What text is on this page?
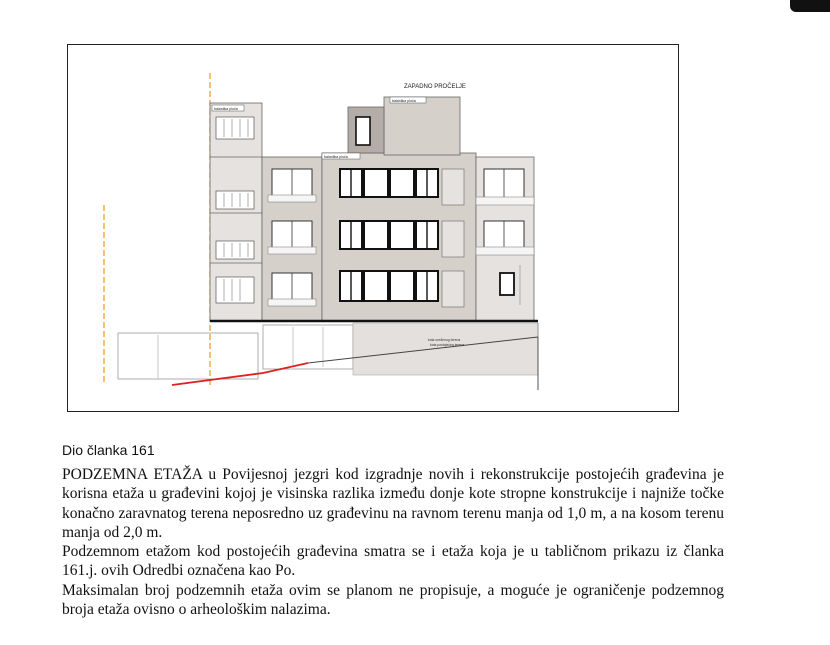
ZAPADNO PROČELJE
balanlika ploča
balanlika ploča
balanlika ploča
kota uređenog terena
kota postojećeg terena
Dio članka 161

PODZEMNA ETAŽA u Povijesnoj jezgri kod izgradnje novih i rekonstrukcije postojećih građevina je korisna etaža u građevini kojoj je visinska razlika između donje kote stropne konstrukcije i najniže točke konačno zaravnatog terena neposredno uz građevinu na ravnom terenu manja od 1,0 m, a na kosom terenu manja od 2,0 m.

Podzemnom etažom kod postojećih građevina smatra se i etaža koja je u tabličnom prikazu iz članka 161.j. ovih Odredbi označena kao Po.

Maksimalan broj podzemnih etaža ovim se planom ne propisuje, a moguće je ograničenje podzemnog broja etaža ovisno o arheološkim nalazima.
